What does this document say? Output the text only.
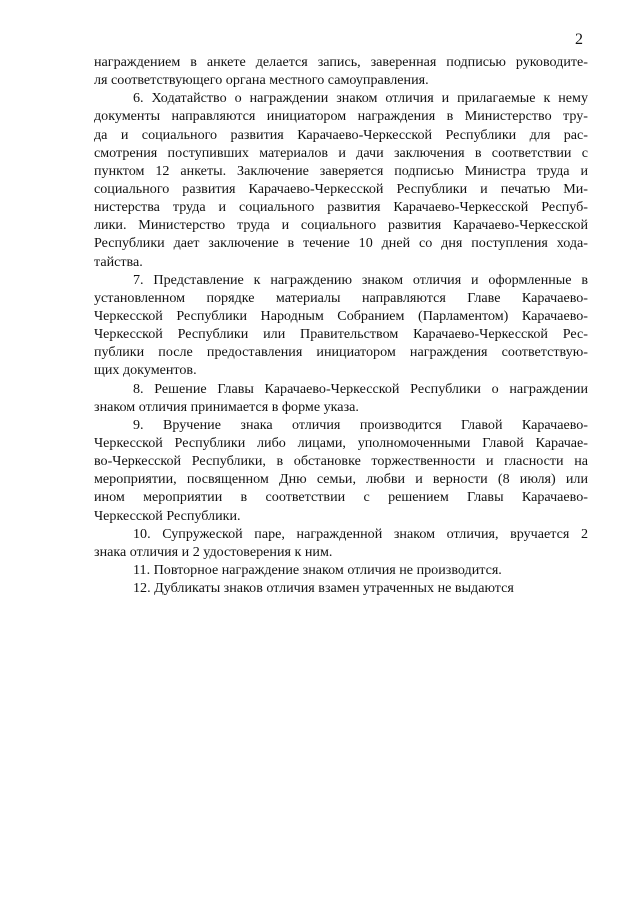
2
награждением в анкете делается запись, заверенная подписью руководите-
ля соответствующего органа местного самоуправления.
6. Ходатайство о награждении знаком отличия и прилагаемые к нему
документы направляются инициатором награждения в Министерство тру-
да и социального развития Карачаево-Черкесской Республики для рас-
смотрения поступивших материалов и дачи заключения в соответствии с
пунктом 12 анкеты. Заключение заверяется подписью Министра труда и
социального развития Карачаево-Черкесской Республики и печатью Ми-
нистерства труда и социального развития Карачаево-Черкесской Респуб-
лики. Министерство труда и социального развития Карачаево-Черкесской
Республики дает заключение в течение 10 дней со дня поступления хода-
тайства.
7. Представление к награждению знаком отличия и оформленные в
установленном порядке материалы направляются Главе Карачаево-
Черкесской Республики Народным Собранием (Парламентом) Карачаево-
Черкесской Республики или Правительством Карачаево-Черкесской Рес-
публики после предоставления инициатором награждения соответствую-
щих документов.
8. Решение Главы Карачаево-Черкесской Республики о награждении
знаком отличия принимается в форме указа.
9. Вручение знака отличия производится Главой Карачаево-
Черкесской Республики либо лицами, уполномоченными Главой Карачае-
во-Черкесской Республики, в обстановке торжественности и гласности на
мероприятии, посвященном Дню семьи, любви и верности (8 июля) или
ином мероприятии в соответствии с решением Главы Карачаево-
Черкесской Республики.
10. Супружеской паре, награжденной знаком отличия, вручается 2
знака отличия и 2 удостоверения к ним.
11. Повторное награждение знаком отличия не производится.
12. Дубликаты знаков отличия взамен утраченных не выдаются
